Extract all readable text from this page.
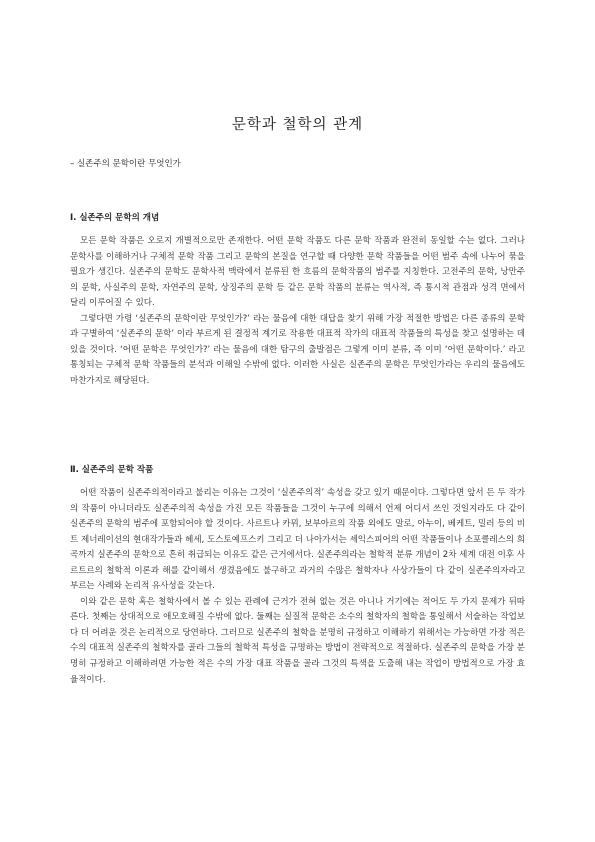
문학과 철학의 관계
– 실존주의 문학이란 무엇인가
Ⅰ. 실존주의 문학의 개념

모든 문학 작품은 오로지 개별적으로만 존재한다. 어떤 문학 작품도 다른 문학 작품과 완전히 동일할 수는 없다. 그러나 문학사를 이해하거나 구체적 문학 작품 그리고 문학의 본질을 연구할 때 다양한 문학 작품들을 어떤 범주 속에 나누어 묶을 필요가 생긴다. 실존주의 문학도 문학사적 맥락에서 분류된 한 흐름의 문학작품의 범주를 지칭한다. 고전주의 문학, 낭만주의 문학, 사실주의 문학, 자연주의 문학, 상징주의 문학 등 같은 문학 작품의 분류는 역사적, 즉 통시적 관점과 성격 면에서 달리 이루어질 수 있다.

그렇다면 가령 ‘실존주의 문학이란 무엇인가?’ 라는 물음에 대한 대답을 찾기 위해 가장 적절한 방법은 다른 종류의 문학과 구별하여 ‘실존주의 문학’ 이라 부르게 된 결정적 계기로 작용한 대표적 작가의 대표적 작품들의 특성을 찾고 설명하는 데 있을 것이다. ‘어떤 문학은 무엇인가?’ 라는 물음에 대한 탐구의 출발점은 그렇게 이미 분류, 즉 이미 ‘어떤 문학이다.’ 라고 통칭되는 구체적 문학 작품들의 분석과 이해일 수밖에 없다. 이러한 사실은 실존주의 문학은 무엇인가라는 우리의 물음에도 마찬가지로 해당된다.

Ⅱ. 실존주의 문학 작품

어떤 작품이 실존주의적이라고 불리는 이유는 그것이 ‘실존주의적’ 속성을 갖고 있기 때문이다. 그렇다면 앞서 든 두 작가의 작품이 아니더라도 실존주의적 속성을 가진 모든 작품들을 그것이 누구에 의해서 언제 어디서 쓰인 것일지라도 다 같이 실존주의 문학의 범주에 포함되어야 할 것이다. 사르트나 카뮈, 보부아르의 작품 외에도 말로, 아누이, 베케트, 밀러 등의 비트 제너레이션의 현대작가들과 헤세, 도스토예프스키 그리고 더 나아가서는 셰익스피어의 어떤 작품들이나 소포클레스의 희곡까지 실존주의 문학으로 흔히 취급되는 이유도 같은 근거에서다. 실존주의라는 철학적 분류 개념이 2차 세계 대전 이후 사르트르의 철학적 이론과 해를 같이해서 생겼음에도 불구하고 과거의 수많은 철학자나 사상가들이 다 같이 실존주의자라고 부르는 사례와 논리적 유사성을 갖는다.

이와 같은 문학 혹은 철학사에서 볼 수 있는 관례에 근거가 전혀 없는 것은 아니나 거기에는 적어도 두 가지 문제가 뒤따른다. 첫째는 상대적으로 애모호해질 수밖에 없다. 둘째는 실질적 문학은 소수의 철학자의 철학을 통일해서 서술하는 작업보다 더 어려운 것은 논리적으로 당연하다. 그러므로 실존주의 철학을 분명히 규정하고 이해하기 위해서는 가능하면 가장 적은 수의 대표적 실존주의 철학자를 골라 그들의 철학적 특성을 규명하는 방법이 전략적으로 적절하다. 실존주의 문학을 가장 분명히 규정하고 이해하려면 가능한 적은 수의 가장 대표 작품을 골라 그것의 특색을 도출해 내는 작업이 방법적으로 가장 효율적이다.
